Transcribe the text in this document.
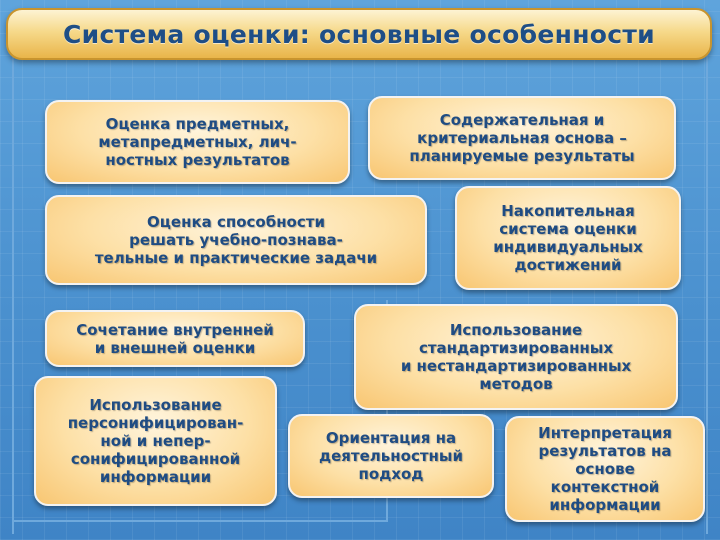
Система оценки: основные особенности
Оценка предметных,
метапредметных, лич-
ностных результатов
Содержательная и
критериальная основа –
планируемые результаты
Оценка способности
решать учебно-познава-
тельные и практические задачи
Накопительная
система оценки
индивидуальных
достижений
Сочетание внутренней
и внешней оценки
Использование
стандартизированных
и нестандартизированных
методов
Использование
персонифицирован-
ной и непер-
сонифицированной
информации
Ориентация на
деятельностный
подход
Интерпретация
результатов на
основе
контекстной
информации
